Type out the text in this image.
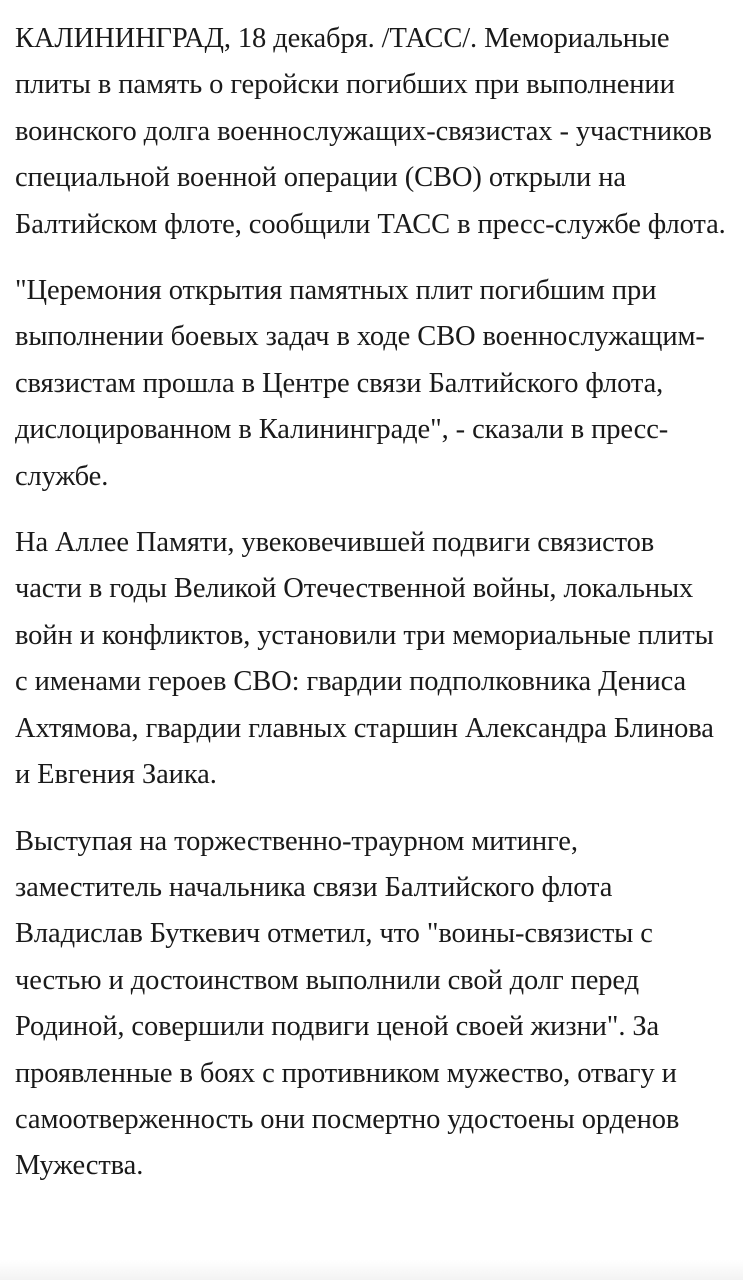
КАЛИНИНГРАД, 18 декабря. /ТАСС/. Мемориальные плиты в память о геройски погибших при выполнении воинского долга военнослужащих-связистах - участников специальной военной операции (СВО) открыли на Балтийском флоте, сообщили ТАСС в пресс-службе флота.

"Церемония открытия памятных плит погибшим при выполнении боевых задач в ходе СВО военнослужащим-связистам прошла в Центре связи Балтийского флота, дислоцированном в Калининграде", - сказали в пресс-службе.

На Аллее Памяти, увековечившей подвиги связистов части в годы Великой Отечественной войны, локальных войн и конфликтов, установили три мемориальные плиты с именами героев СВО: гвардии подполковника Дениса Ахтямова, гвардии главных старшин Александра Блинова и Евгения Заика.

Выступая на торжественно-траурном митинге, заместитель начальника связи Балтийского флота Владислав Буткевич отметил, что "воины-связисты с честью и достоинством выполнили свой долг перед Родиной, совершили подвиги ценой своей жизни". За проявленные в боях с противником мужество, отвагу и самоотверженность они посмертно удостоены орденов Мужества.
